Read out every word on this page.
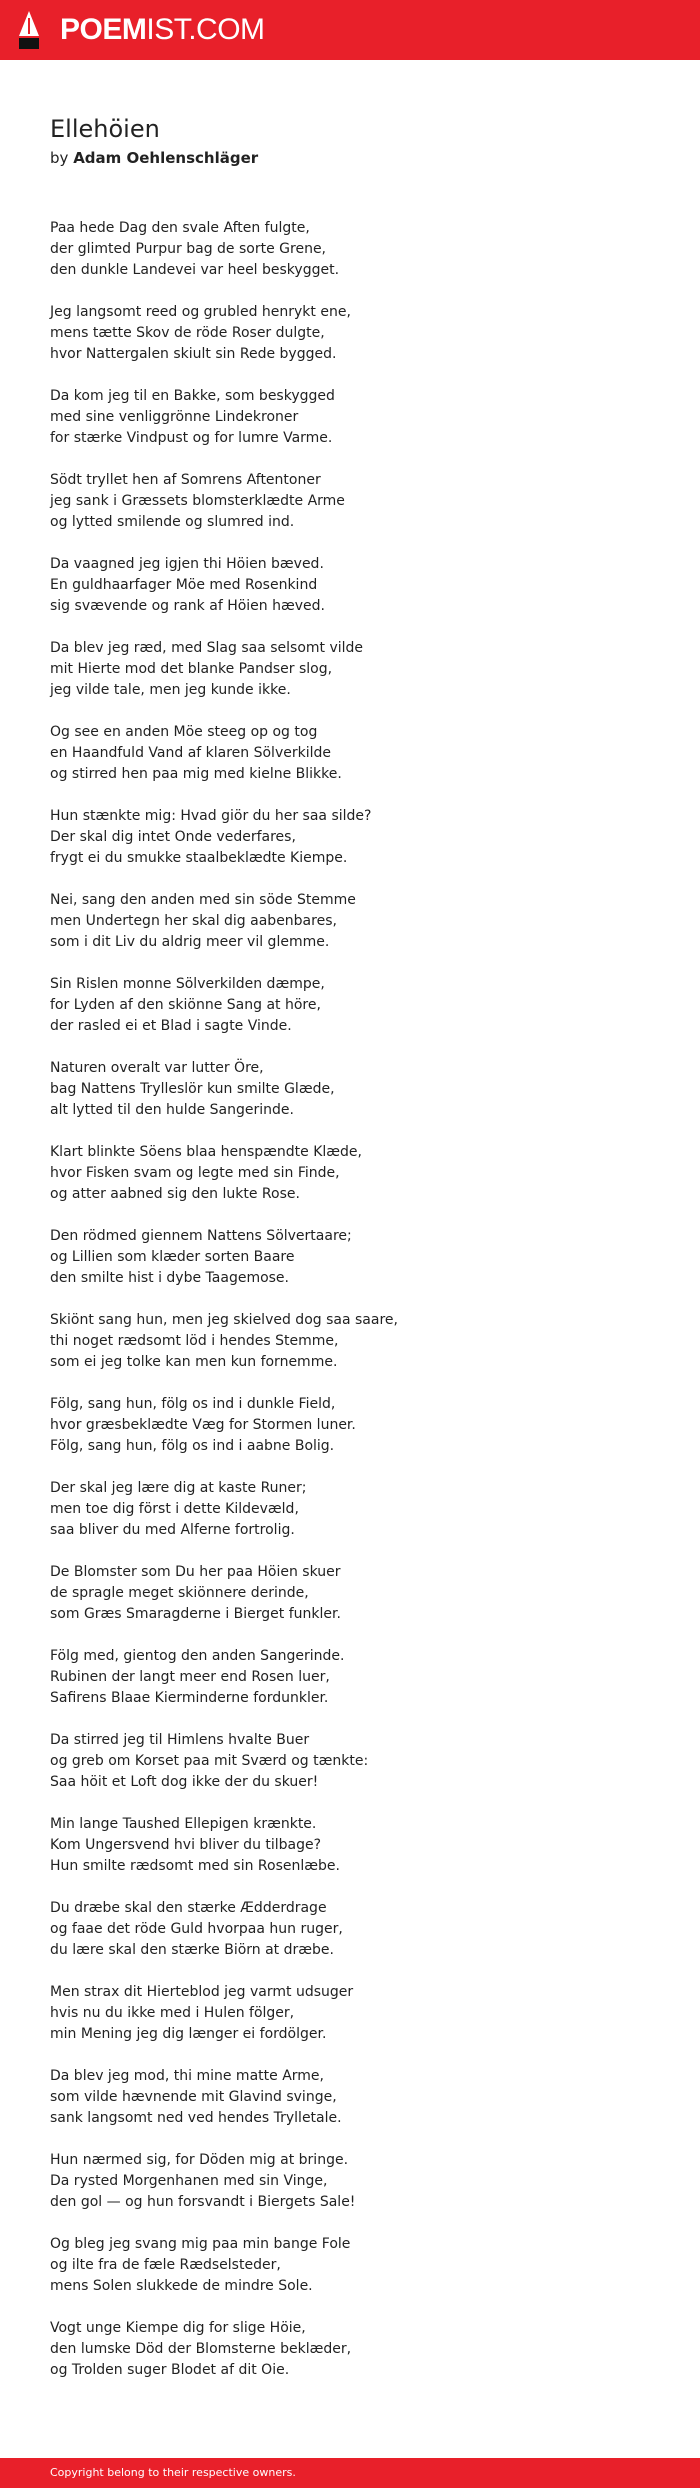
POEMIST.COM
Ellehöien
by Adam Oehlenschläger
Paa hede Dag den svale Aften fulgte,
der glimted Purpur bag de sorte Grene,
den dunkle Landevei var heel beskygget.
Jeg langsomt reed og grubled henrykt ene,
mens tætte Skov de röde Roser dulgte,
hvor Nattergalen skiult sin Rede bygged.
Da kom jeg til en Bakke, som beskygged
med sine venliggrönne Lindekroner
for stærke Vindpust og for lumre Varme.
Södt tryllet hen af Somrens Aftentoner
jeg sank i Græssets blomsterklædte Arme
og lytted smilende og slumred ind.
Da vaagned jeg igjen thi Höien bæved.
En guldhaarfager Möe med Rosenkind
sig svævende og rank af Höien hæved.
Da blev jeg ræd, med Slag saa selsomt vilde
mit Hierte mod det blanke Pandser slog,
jeg vilde tale, men jeg kunde ikke.
Og see en anden Möe steeg op og tog
en Haandfuld Vand af klaren Sölverkilde
og stirred hen paa mig med kielne Blikke.
Hun stænkte mig: Hvad giör du her saa silde?
Der skal dig intet Onde vederfares,
frygt ei du smukke staalbeklædte Kiempe.
Nei, sang den anden med sin söde Stemme
men Undertegn her skal dig aabenbares,
som i dit Liv du aldrig meer vil glemme.
Sin Rislen monne Sölverkilden dæmpe,
for Lyden af den skiönne Sang at höre,
der rasled ei et Blad i sagte Vinde.
Naturen overalt var lutter Öre,
bag Nattens Trylleslör kun smilte Glæde,
alt lytted til den hulde Sangerinde.
Klart blinkte Söens blaa henspændte Klæde,
hvor Fisken svam og legte med sin Finde,
og atter aabned sig den lukte Rose.
Den rödmed giennem Nattens Sölvertaare;
og Lillien som klæder sorten Baare
den smilte hist i dybe Taagemose.
Skiönt sang hun, men jeg skielved dog saa saare,
thi noget rædsomt löd i hendes Stemme,
som ei jeg tolke kan men kun fornemme.
Fölg, sang hun, fölg os ind i dunkle Field,
hvor græsbeklædte Væg for Stormen luner.
Fölg, sang hun, fölg os ind i aabne Bolig.
Der skal jeg lære dig at kaste Runer;
men toe dig först i dette Kildevæld,
saa bliver du med Alferne fortrolig.
De Blomster som Du her paa Höien skuer
de spragle meget skiönnere derinde,
som Græs Smaragderne i Bierget funkler.
Fölg med, gientog den anden Sangerinde.
Rubinen der langt meer end Rosen luer,
Safirens Blaae Kierminderne fordunkler.
Da stirred jeg til Himlens hvalte Buer
og greb om Korset paa mit Sværd og tænkte:
Saa höit et Loft dog ikke der du skuer!
Min lange Taushed Ellepigen krænkte.
Kom Ungersvend hvi bliver du tilbage?
Hun smilte rædsomt med sin Rosenlæbe.
Du dræbe skal den stærke Ædderdrage
og faae det röde Guld hvorpaa hun ruger,
du lære skal den stærke Biörn at dræbe.
Men strax dit Hierteblod jeg varmt udsuger
hvis nu du ikke med i Hulen fölger,
min Mening jeg dig længer ei fordölger.
Da blev jeg mod, thi mine matte Arme,
som vilde hævnende mit Glavind svinge,
sank langsomt ned ved hendes Trylletale.
Hun nærmed sig, for Döden mig at bringe.
Da rysted Morgenhanen med sin Vinge,
den gol — og hun forsvandt i Biergets Sale!
Og bleg jeg svang mig paa min bange Fole
og ilte fra de fæle Rædselsteder,
mens Solen slukkede de mindre Sole.
Vogt unge Kiempe dig for slige Höie,
den lumske Död der Blomsterne beklæder,
og Trolden suger Blodet af dit Oie.
Copyright belong to their respective owners.
